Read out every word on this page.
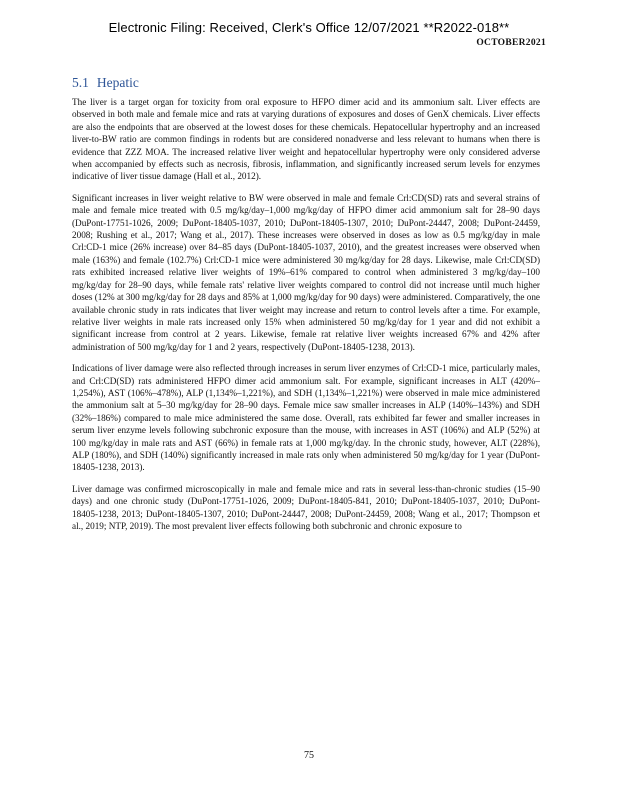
Electronic Filing: Received, Clerk's Office 12/07/2021 **R2022-018**
OCTOBER2021
5.1 Hepatic

The liver is a target organ for toxicity from oral exposure to HFPO dimer acid and its ammonium salt. Liver effects are observed in both male and female mice and rats at varying durations of exposures and doses of GenX chemicals. Liver effects are also the endpoints that are observed at the lowest doses for these chemicals. Hepatocellular hypertrophy and an increased liver-to-BW ratio are common findings in rodents but are considered nonadverse and less relevant to humans when there is evidence that ZZZ MOA. The increased relative liver weight and hepatocellular hypertrophy were only considered adverse when accompanied by effects such as necrosis, fibrosis, inflammation, and significantly increased serum levels for enzymes indicative of liver tissue damage (Hall et al., 2012).

Significant increases in liver weight relative to BW were observed in male and female Crl:CD(SD) rats and several strains of male and female mice treated with 0.5 mg/kg/day–1,000 mg/kg/day of HFPO dimer acid ammonium salt for 28–90 days (DuPont-17751-1026, 2009; DuPont-18405-1037, 2010; DuPont-18405-1307, 2010; DuPont-24447, 2008; DuPont-24459, 2008; Rushing et al., 2017; Wang et al., 2017). These increases were observed in doses as low as 0.5 mg/kg/day in male Crl:CD-1 mice (26% increase) over 84–85 days (DuPont-18405-1037, 2010), and the greatest increases were observed when male (163%) and female (102.7%) Crl:CD-1 mice were administered 30 mg/kg/day for 28 days. Likewise, male Crl:CD(SD) rats exhibited increased relative liver weights of 19%–61% compared to control when administered 3 mg/kg/day–100 mg/kg/day for 28–90 days, while female rats' relative liver weights compared to control did not increase until much higher doses (12% at 300 mg/kg/day for 28 days and 85% at 1,000 mg/kg/day for 90 days) were administered. Comparatively, the one available chronic study in rats indicates that liver weight may increase and return to control levels after a time. For example, relative liver weights in male rats increased only 15% when administered 50 mg/kg/day for 1 year and did not exhibit a significant increase from control at 2 years. Likewise, female rat relative liver weights increased 67% and 42% after administration of 500 mg/kg/day for 1 and 2 years, respectively (DuPont-18405-1238, 2013).

Indications of liver damage were also reflected through increases in serum liver enzymes of Crl:CD-1 mice, particularly males, and Crl:CD(SD) rats administered HFPO dimer acid ammonium salt. For example, significant increases in ALT (420%–1,254%), AST (106%–478%), ALP (1,134%–1,221%), and SDH (1,134%–1,221%) were observed in male mice administered the ammonium salt at 5–30 mg/kg/day for 28–90 days. Female mice saw smaller increases in ALP (140%–143%) and SDH (32%–186%) compared to male mice administered the same dose. Overall, rats exhibited far fewer and smaller increases in serum liver enzyme levels following subchronic exposure than the mouse, with increases in AST (106%) and ALP (52%) at 100 mg/kg/day in male rats and AST (66%) in female rats at 1,000 mg/kg/day. In the chronic study, however, ALT (228%), ALP (180%), and SDH (140%) significantly increased in male rats only when administered 50 mg/kg/day for 1 year (DuPont-18405-1238, 2013).

Liver damage was confirmed microscopically in male and female mice and rats in several less-than-chronic studies (15–90 days) and one chronic study (DuPont-17751-1026, 2009; DuPont-18405-841, 2010; DuPont-18405-1037, 2010; DuPont-18405-1238, 2013; DuPont-18405-1307, 2010; DuPont-24447, 2008; DuPont-24459, 2008; Wang et al., 2017; Thompson et al., 2019; NTP, 2019). The most prevalent liver effects following both subchronic and chronic exposure to

75
